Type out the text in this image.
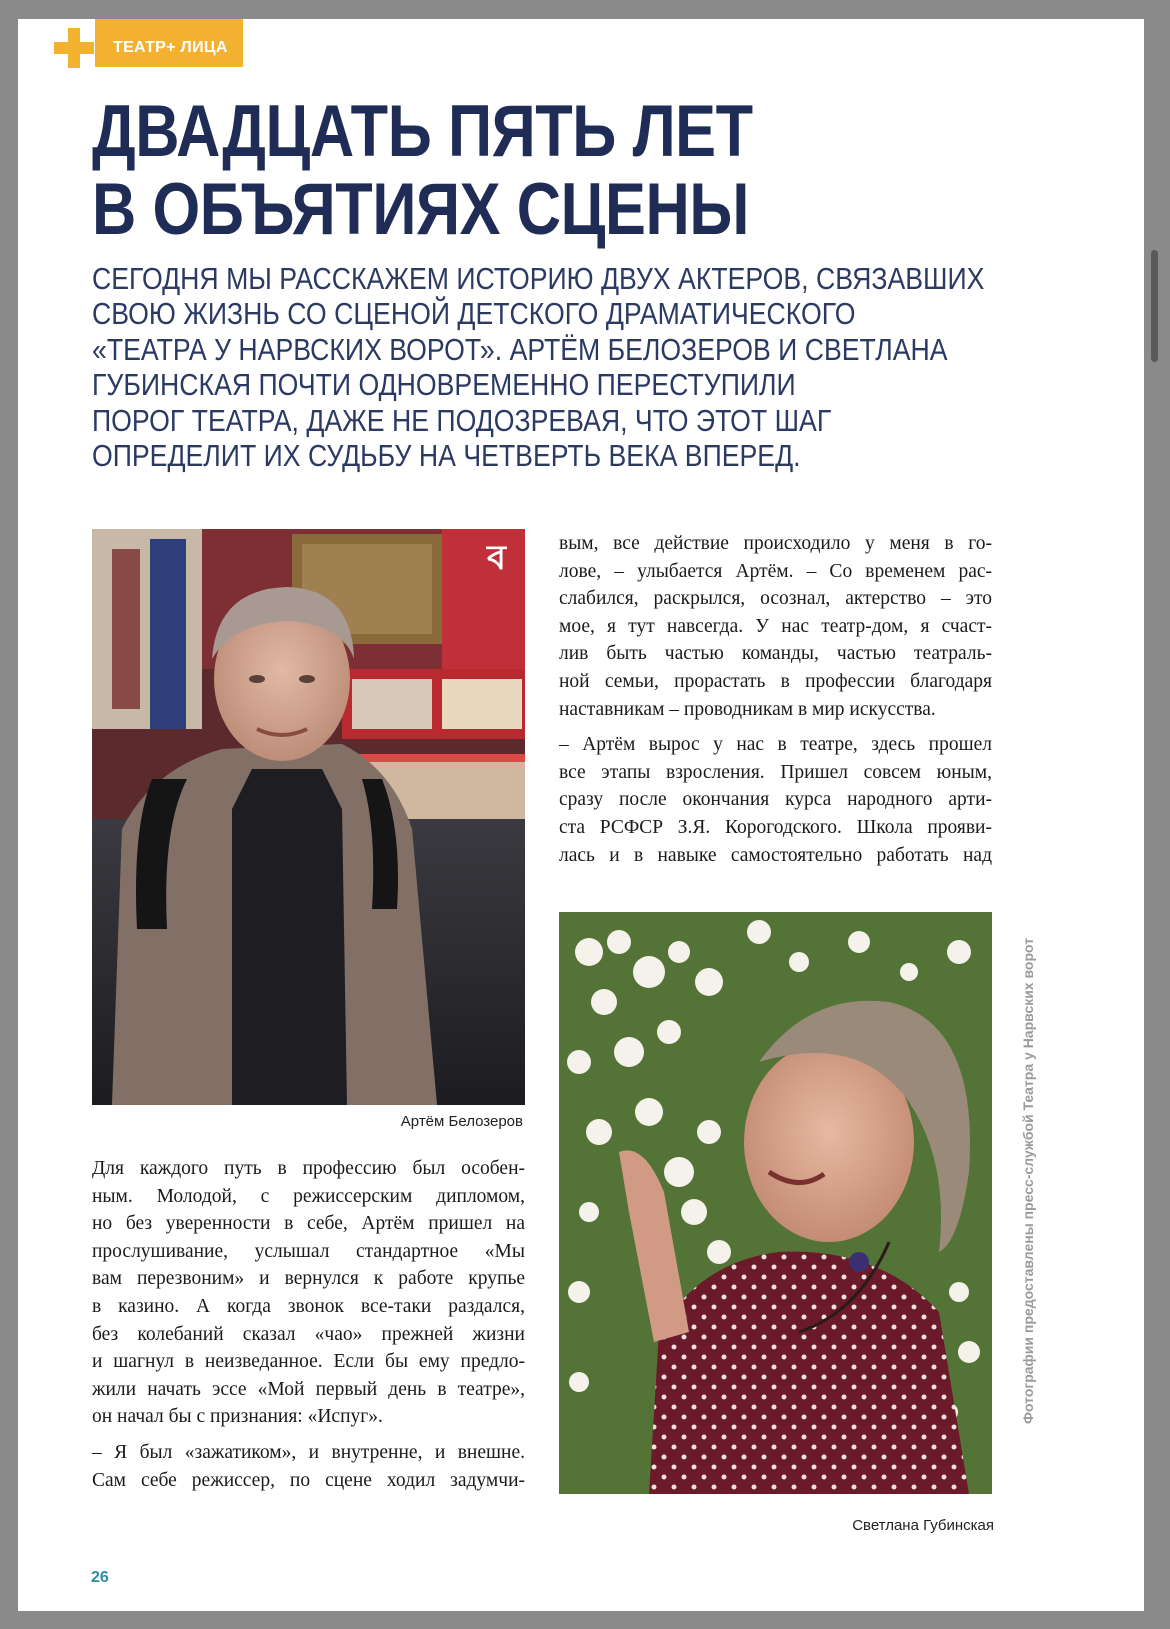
ТЕАТР+ ЛИЦА
ДВАДЦАТЬ ПЯТЬ ЛЕТ
В ОБЪЯТИЯХ СЦЕНЫ
СЕГОДНЯ МЫ РАССКАЖЕМ ИСТОРИЮ ДВУХ АКТЕРОВ, СВЯЗАВШИХ
СВОЮ ЖИЗНЬ СО СЦЕНОЙ ДЕТСКОГО ДРАМАТИЧЕСКОГО
«ТЕАТРА У НАРВСКИХ ВОРОТ». АРТЁМ БЕЛОЗЕРОВ И СВЕТЛАНА
ГУБИНСКАЯ ПОЧТИ ОДНОВРЕМЕННО ПЕРЕСТУПИЛИ
ПОРОГ ТЕАТРА, ДАЖЕ НЕ ПОДОЗРЕВАЯ, ЧТО ЭТОТ ШАГ
ОПРЕДЕЛИТ ИХ СУДЬБУ НА ЧЕТВЕРТЬ ВЕКА ВПЕРЕД.
ব
Артём Белозеров
Светлана Губинская
Фотографии предоставлены пресс-службой Театра у Нарвских ворот
Для каждого путь в профессию был особен-
ным. Молодой, с режиссерским дипломом,
но без уверенности в себе, Артём пришел на
прослушивание, услышал стандартное «Мы
вам перезвоним» и вернулся к работе крупье
в казино. А когда звонок все-таки раздался,
без колебаний сказал «чао» прежней жизни
и шагнул в неизведанное. Если бы ему предло-
жили начать эссе «Мой первый день в театре»,
он начал бы с признания: «Испуг».
– Я был «зажатиком», и внутренне, и внешне.
Сам себе режиссер, по сцене ходил задумчи-
вым, все действие происходило у меня в го-
лове, – улыбается Артём. – Со временем рас-
слабился, раскрылся, осознал, актерство – это
мое, я тут навсегда. У нас театр-дом, я счаст-
лив быть частью команды, частью театраль-
ной семьи, прорастать в профессии благодаря
наставникам – проводникам в мир искусства.
– Артём вырос у нас в театре, здесь прошел
все этапы взросления. Пришел совсем юным,
сразу после окончания курса народного арти-
ста РСФСР З.Я. Корогодского. Школа прояви-
лась и в навыке самостоятельно работать над
26
